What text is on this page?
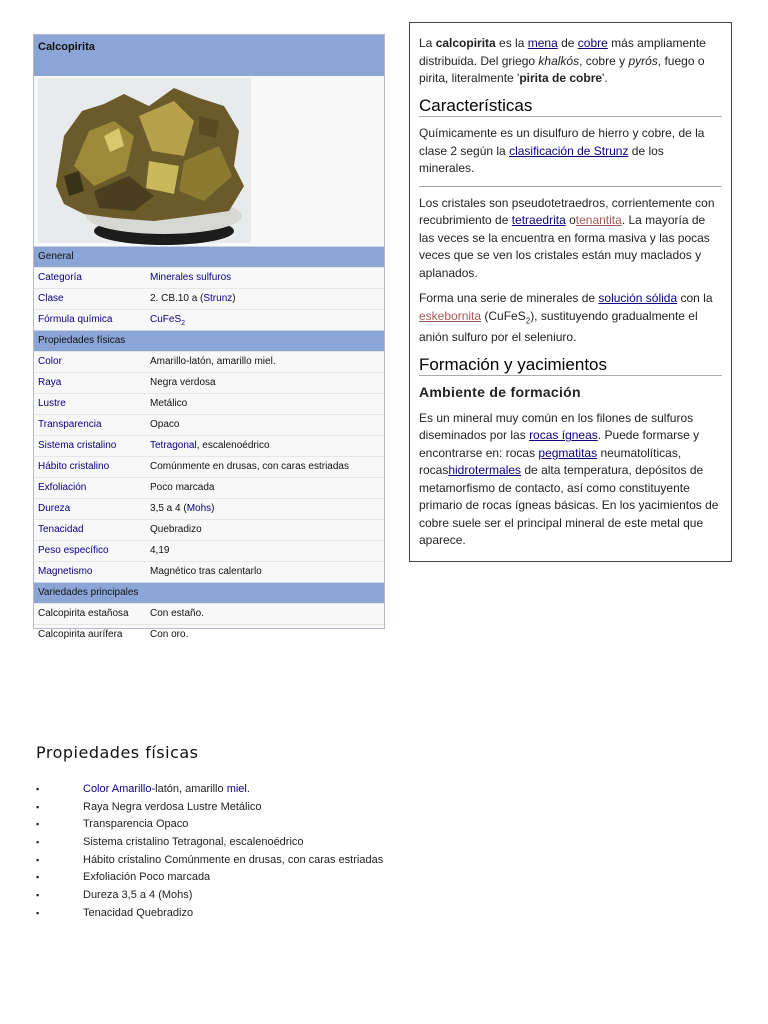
Calcopirita
General
Categoría	Minerales sulfuros
Clase	2. CB.10 a (Strunz)
Fórmula química	CuFeS$_2$
Propiedades físicas
Color	Amarillo-latón, amarillo miel.
Raya	Negra verdosa
Lustre	Metálico
Transparencia	Opaco
Sistema cristalino	Tetragonal, escalenoédrico
Hábito cristalino	Comúnmente en drusas, con caras estriadas
Exfoliación	Poco marcada
Dureza	3,5 a 4 (Mohs)
Tenacidad	Quebradizo
Peso específico	4,19
Magnetismo	Magnético tras calentarlo
Variedades principales
Calcopirita estañosa	Con estaño.
Calcopirita aurífera	Con oro.

La calcopirita es la mena de cobre más ampliamente distribuida. Del griego khalkós, cobre y pyrós, fuego o pirita, literalmente 'pirita de cobre'.

Características

Químicamente es un disulfuro de hierro y cobre, de la clase 2 según la clasificación de Strunz de los minerales.

Los cristales son pseudotetraedros, corrientemente con recubrimiento de tetraedrita otenantita. La mayoría de las veces se la encuentra en forma masiva y las pocas veces que se ven los cristales están muy maclados y aplanados.

Forma una serie de minerales de solución sólida con la eskebornita (CuFeS$_2$), sustituyendo gradualmente el anión sulfuro por el seleniuro.

Formación y yacimientos
Ambiente de formación

Es un mineral muy común en los filones de sulfuros diseminados por las rocas ígneas. Puede formarse y encontrarse en: rocas pegmatitas neumatolíticas, rocashidrotermales de alta temperatura, depósitos de metamorfismo de contacto, así como constituyente primario de rocas ígneas básicas. En los yacimientos de cobre suele ser el principal mineral de este metal que aparece.

Propiedades físicas
▪	Color Amarillo-latón, amarillo miel.
▪	Raya Negra verdosa Lustre Metálico
▪	Transparencia Opaco
▪	Sistema cristalino Tetragonal, escalenoédrico
▪	Hábito cristalino Comúnmente en drusas, con caras estriadas
▪	Exfoliación Poco marcada
▪	Dureza 3,5 a 4 (Mohs)
▪	Tenacidad Quebradizo
